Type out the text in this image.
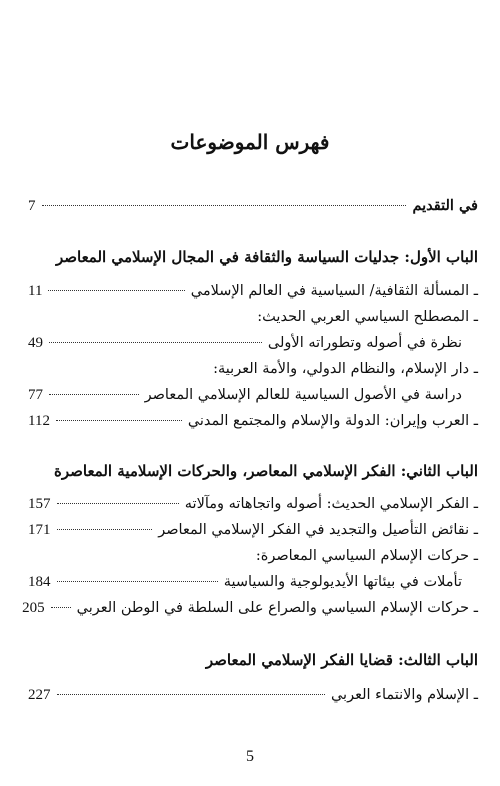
فهرس الموضوعات
في التقديم
7
الباب الأول: جدليات السياسة والثقافة في المجال الإسلامي المعاصر
ـ المسألة الثقافية/ السياسية في العالم الإسلامي
11
ـ المصطلح السياسي العربي الحديث:
نظرة في أصوله وتطوراته الأولى
49
ـ دار الإسلام، والنظام الدولي، والأمة العربية:
دراسة في الأصول السياسية للعالم الإسلامي المعاصر
77
ـ العرب وإيران: الدولة والإسلام والمجتمع المدني
112
الباب الثاني: الفكر الإسلامي المعاصر، والحركات الإسلامية المعاصرة
ـ الفكر الإسلامي الحديث: أصوله واتجاهاته ومآلاته
157
ـ نقائض التأصيل والتجديد في الفكر الإسلامي المعاصر
171
ـ حركات الإسلام السياسي المعاصرة:
تأملات في بيئاتها الأيديولوجية والسياسية
184
ـ حركات الإسلام السياسي والصراع على السلطة في الوطن العربي
205
الباب الثالث: قضايا الفكر الإسلامي المعاصر
ـ الإسلام والانتماء العربي
227
5
